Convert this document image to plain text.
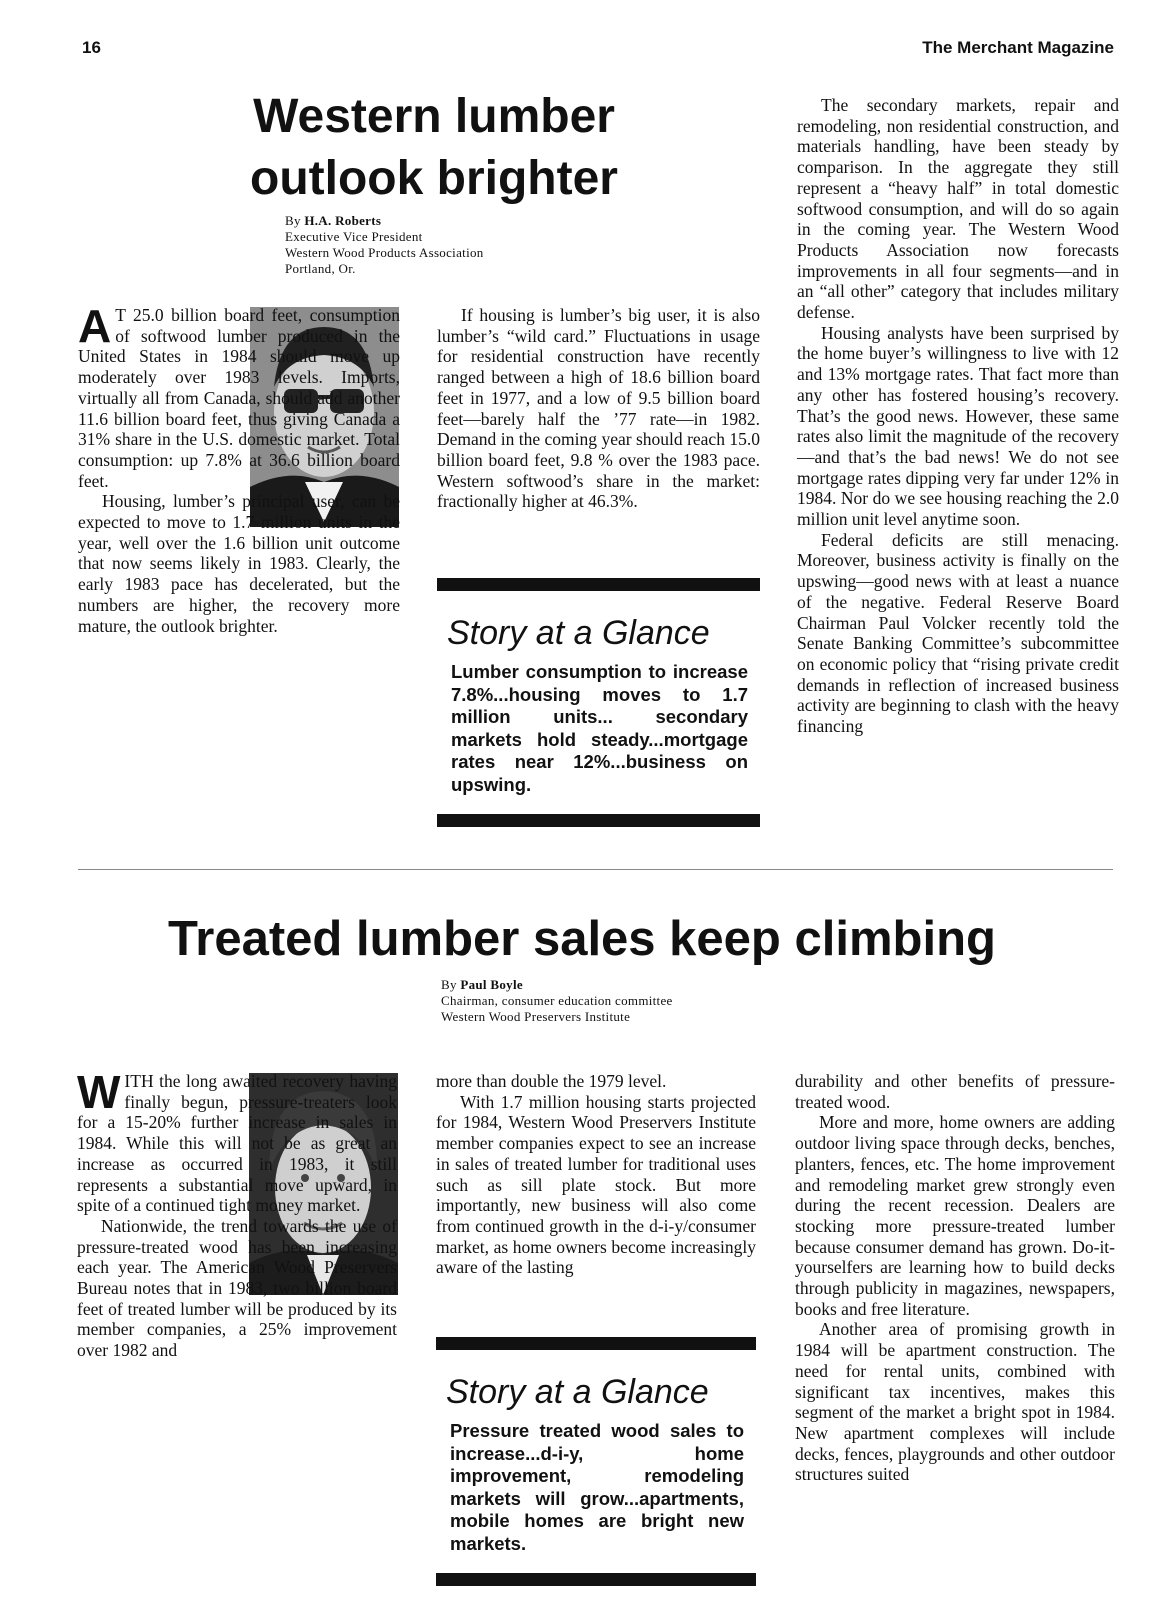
16	The Merchant Magazine
Western lumber outlook brighter
By H.A. Roberts
Executive Vice President
Western Wood Products Association
Portland, Or.

A T 25.0 billion board feet, consumption of softwood lumber produced in the United States in 1984 should move up moderately over 1983 levels. Imports, virtually all from Canada, should add another 11.6 billion board feet, thus giving Canada a 31% share in the U.S. domestic market. Total consumption: up 7.8% at 36.6 billion board feet.

Housing, lumber’s principal user, can be expected to move to 1.7 million units in the year, well over the 1.6 billion unit outcome that now seems likely in 1983. Clearly, the early 1983 pace has decelerated, but the numbers are higher, the recovery more mature, the outlook brighter.

If housing is lumber’s big user, it is also lumber’s “wild card.” Fluctuations in usage for residential construction have recently ranged between a high of 18.6 billion board feet in 1977, and a low of 9.5 billion board feet—barely half the ’77 rate—in 1982. Demand in the coming year should reach 15.0 billion board feet, 9.8 % over the 1983 pace. Western softwood’s share in the market: fractionally higher at 46.3%.

Story at a Glance
Lumber consumption to increase 7.8%...housing moves to 1.7 million units... secondary markets hold steady...mortgage rates near 12%...business on upswing.

The secondary markets, repair and remodeling, non residential construction, and materials handling, have been steady by comparison. In the aggregate they still represent a “heavy half” in total domestic softwood consumption, and will do so again in the coming year. The Western Wood Products Association now forecasts improvements in all four segments—and in an “all other” category that includes military defense.

Housing analysts have been surprised by the home buyer’s willingness to live with 12 and 13% mortgage rates. That fact more than any other has fostered housing’s recovery. That’s the good news. However, these same rates also limit the magnitude of the recovery—and that’s the bad news! We do not see mortgage rates dipping very far under 12% in 1984. Nor do we see housing reaching the 2.0 million unit level anytime soon.

Federal deficits are still menacing. Moreover, business activity is finally on the upswing—good news with at least a nuance of the negative. Federal Reserve Board Chairman Paul Volcker recently told the Senate Banking Committee’s subcommittee on economic policy that “rising private credit demands in reflection of increased business activity are beginning to clash with the heavy financing

Treated lumber sales keep climbing
By Paul Boyle
Chairman, consumer education committee
Western Wood Preservers Institute

WITH the long awaited recovery having finally begun, pressure-treaters look for a 15-20% further increase in sales in 1984. While this will not be as great an increase as occurred in 1983, it still represents a substantial move upward, in spite of a continued tight money market.

Nationwide, the trend towards the use of pressure-treated wood has been increasing each year. The American Wood Preservers Bureau notes that in 1983, two billion board feet of treated lumber will be produced by its member companies, a 25% improvement over 1982 and

more than double the 1979 level.

With 1.7 million housing starts projected for 1984, Western Wood Preservers Institute member companies expect to see an increase in sales of treated lumber for traditional uses such as sill plate stock. But more importantly, new business will also come from continued growth in the d-i-y/consumer market, as home owners become increasingly aware of the lasting

Story at a Glance
Pressure treated wood sales to increase...d-i-y, home improvement, remodeling markets will grow...apartments, mobile homes are bright new markets.

durability and other benefits of pressure-treated wood.

More and more, home owners are adding outdoor living space through decks, benches, planters, fences, etc. The home improvement and remodeling market grew strongly even during the recent recession. Dealers are stocking more pressure-treated lumber because consumer demand has grown. Do-it-yourselfers are learning how to build decks through publicity in magazines, newspapers, books and free literature.

Another area of promising growth in 1984 will be apartment construction. The need for rental units, combined with significant tax incentives, makes this segment of the market a bright spot in 1984. New apartment complexes will include decks, fences, playgrounds and other outdoor structures suited
